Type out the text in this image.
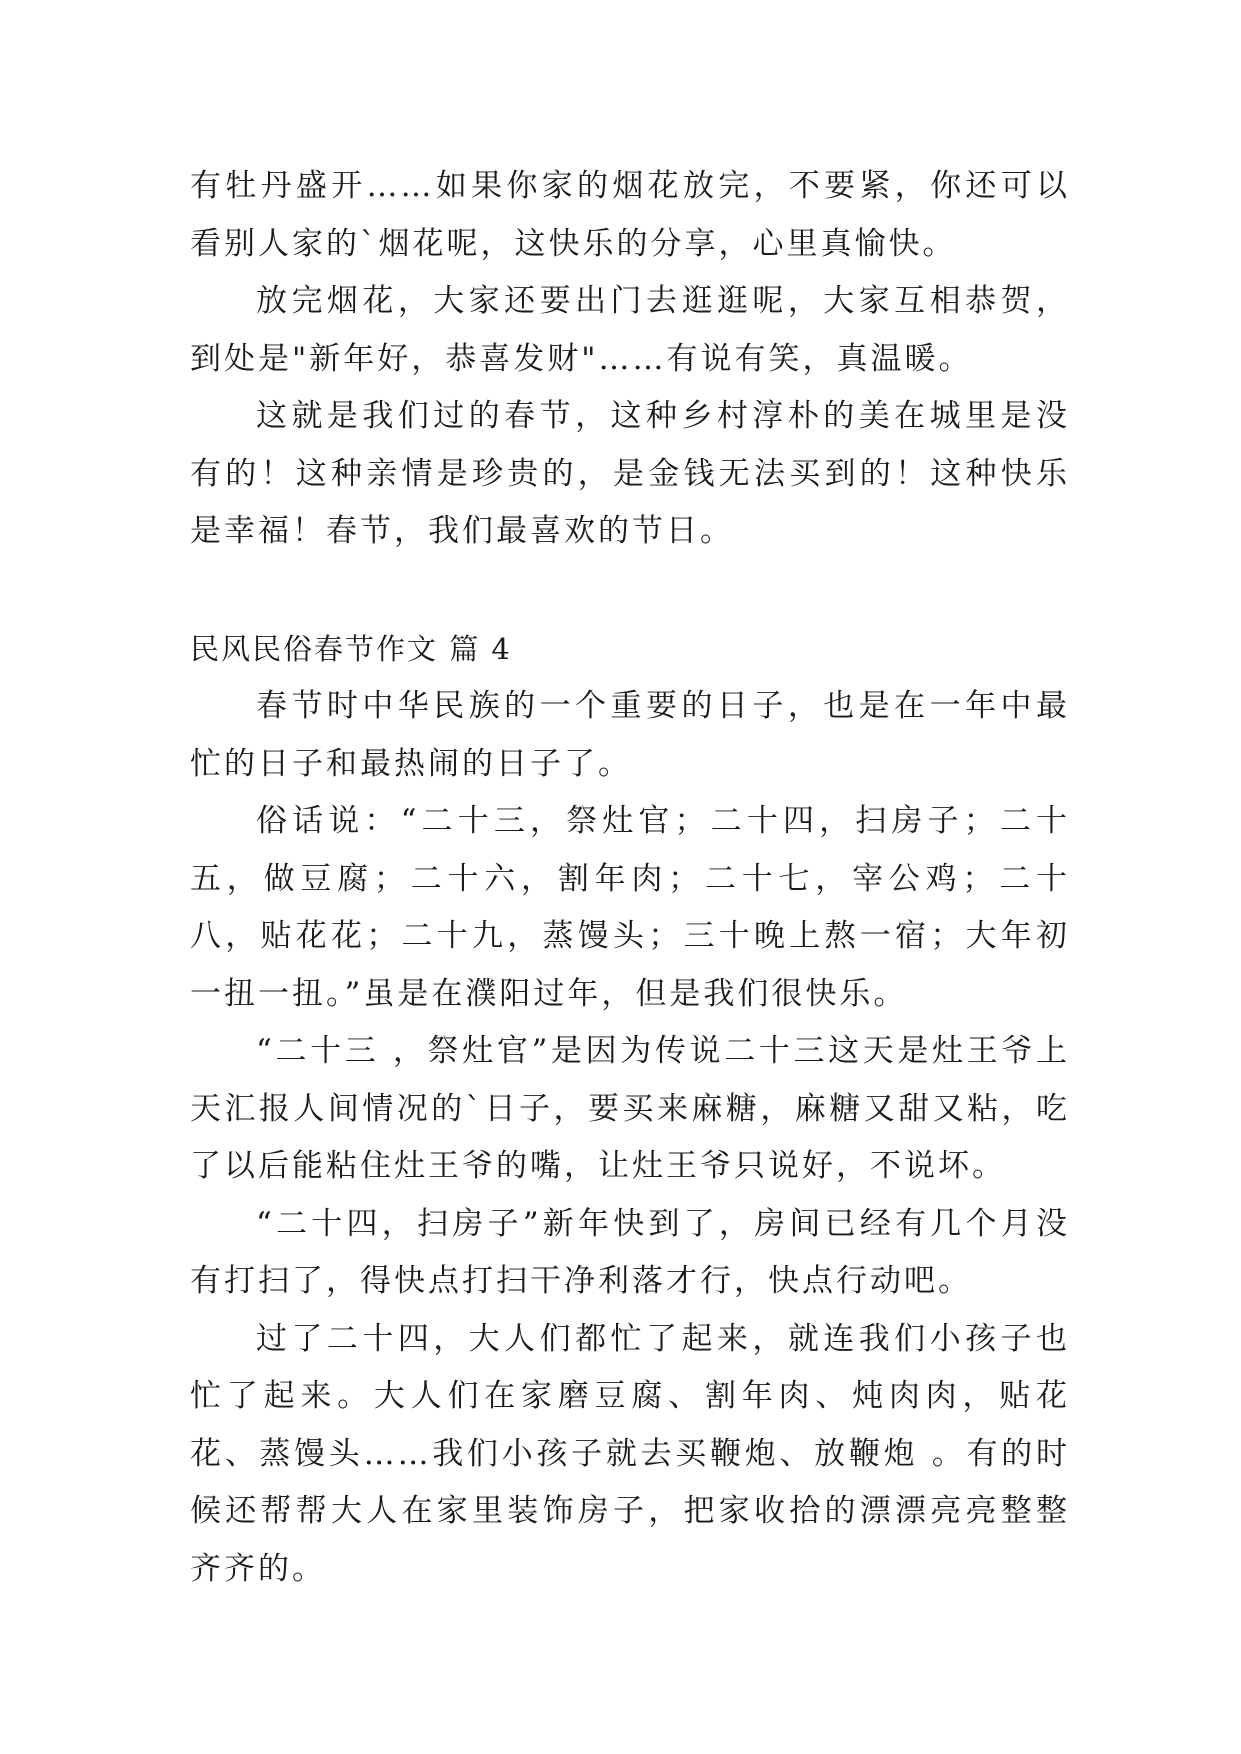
有牡丹盛开……如果你家的烟花放完，不要紧，你还可以看别人家的`烟花呢，这快乐的分享，心里真愉快。

放完烟花，大家还要出门去逛逛呢，大家互相恭贺，到处是"新年好，恭喜发财"……有说有笑，真温暖。

这就是我们过的春节，这种乡村淳朴的美在城里是没有的！这种亲情是珍贵的，是金钱无法买到的！这种快乐是幸福！春节，我们最喜欢的节日。

民风民俗春节作文 篇 4

春节时中华民族的一个重要的日子，也是在一年中最忙的日子和最热闹的日子了。

俗话说：“二十三，祭灶官；二十四，扫房子；二十五，做豆腐；二十六，割年肉；二十七，宰公鸡；二十八，贴花花；二十九，蒸馒头；三十晚上熬一宿；大年初一扭一扭。”虽是在濮阳过年，但是我们很快乐。

“二十三 ，祭灶官”是因为传说二十三这天是灶王爷上天汇报人间情况的`日子，要买来麻糖，麻糖又甜又粘，吃了以后能粘住灶王爷的嘴，让灶王爷只说好，不说坏。

“二十四，扫房子”新年快到了，房间已经有几个月没有打扫了，得快点打扫干净利落才行，快点行动吧。

过了二十四，大人们都忙了起来，就连我们小孩子也忙了起来。大人们在家磨豆腐、割年肉、炖肉肉，贴花花、蒸馒头……我们小孩子就去买鞭炮、放鞭炮 。有的时候还帮帮大人在家里装饰房子，把家收拾的漂漂亮亮整整齐齐的。
